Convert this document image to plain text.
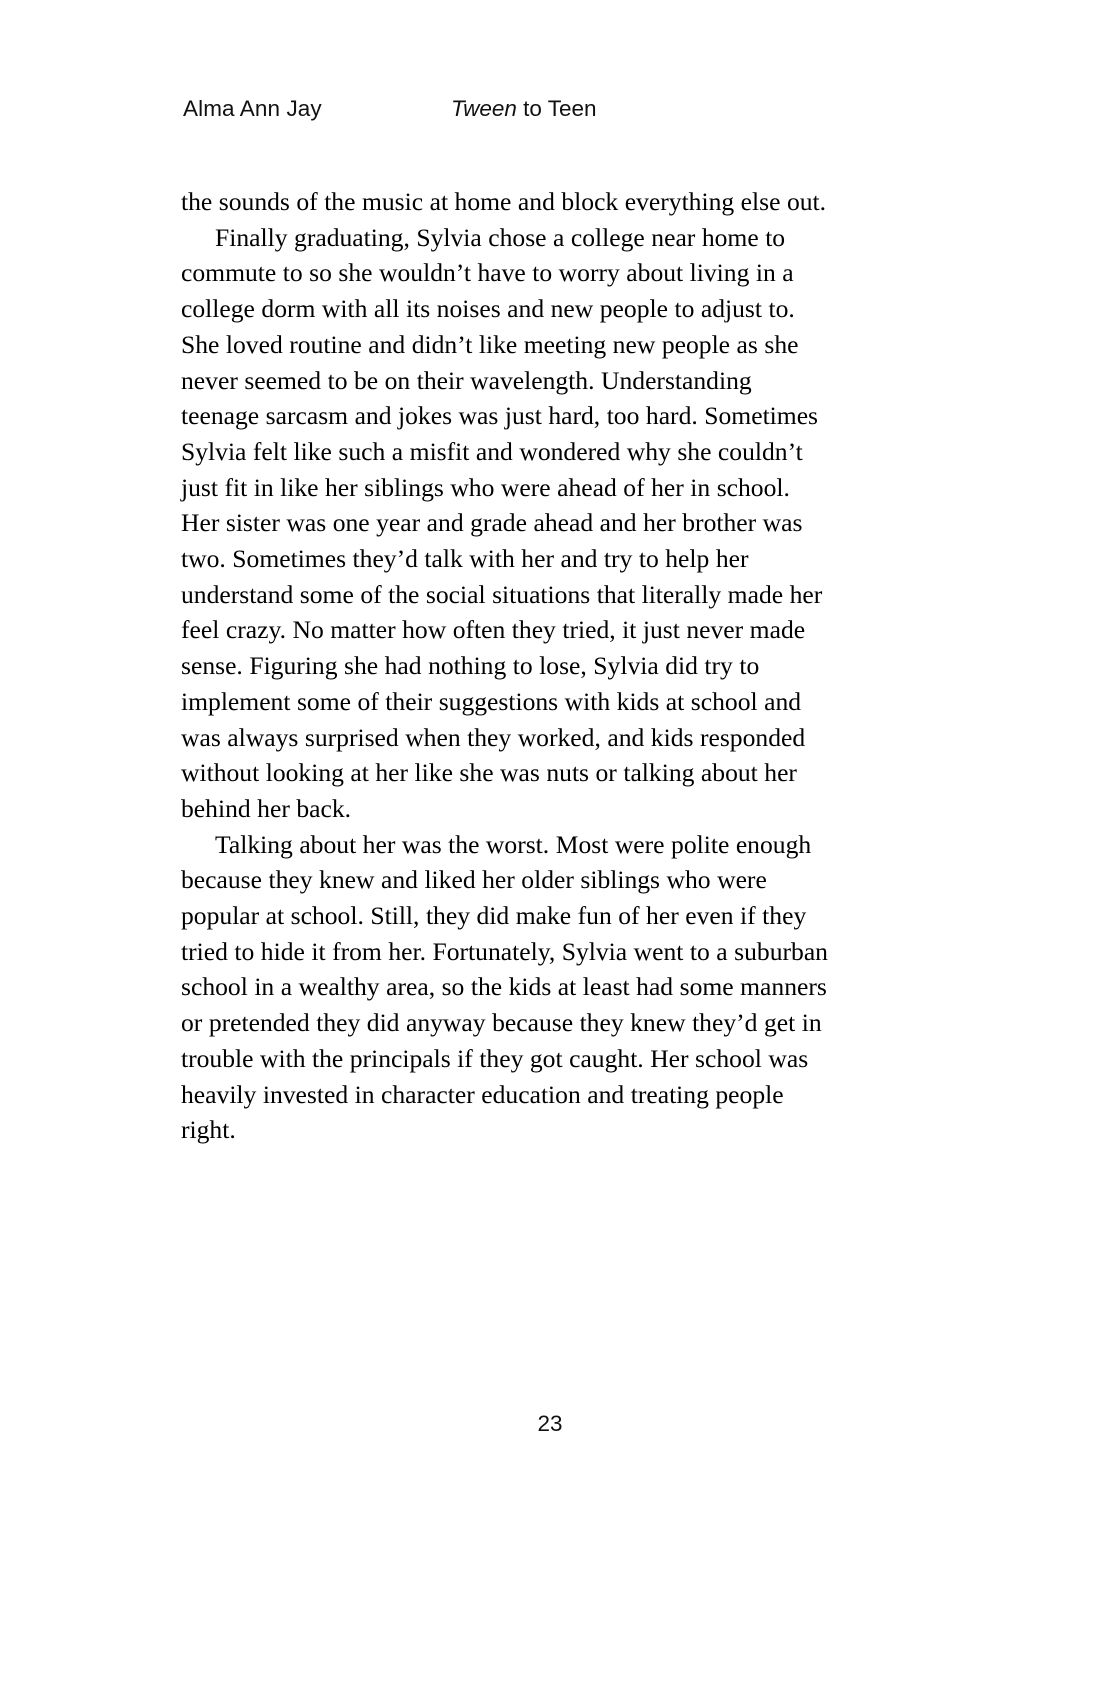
Alma Ann Jay	Tween to Teen

the sounds of the music at home and block everything else out.

Finally graduating, Sylvia chose a college near home to commute to so she wouldn’t have to worry about living in a college dorm with all its noises and new people to adjust to. She loved routine and didn’t like meeting new people as she never seemed to be on their wavelength. Understanding teenage sarcasm and jokes was just hard, too hard. Sometimes Sylvia felt like such a misfit and wondered why she couldn’t just fit in like her siblings who were ahead of her in school. Her sister was one year and grade ahead and her brother was two. Sometimes they’d talk with her and try to help her understand some of the social situations that literally made her feel crazy. No matter how often they tried, it just never made sense. Figuring she had nothing to lose, Sylvia did try to implement some of their suggestions with kids at school and was always surprised when they worked, and kids responded without looking at her like she was nuts or talking about her behind her back.

Talking about her was the worst. Most were polite enough because they knew and liked her older siblings who were popular at school. Still, they did make fun of her even if they tried to hide it from her. Fortunately, Sylvia went to a suburban school in a wealthy area, so the kids at least had some manners or pretended they did anyway because they knew they’d get in trouble with the principals if they got caught. Her school was heavily invested in character education and treating people right.

23
